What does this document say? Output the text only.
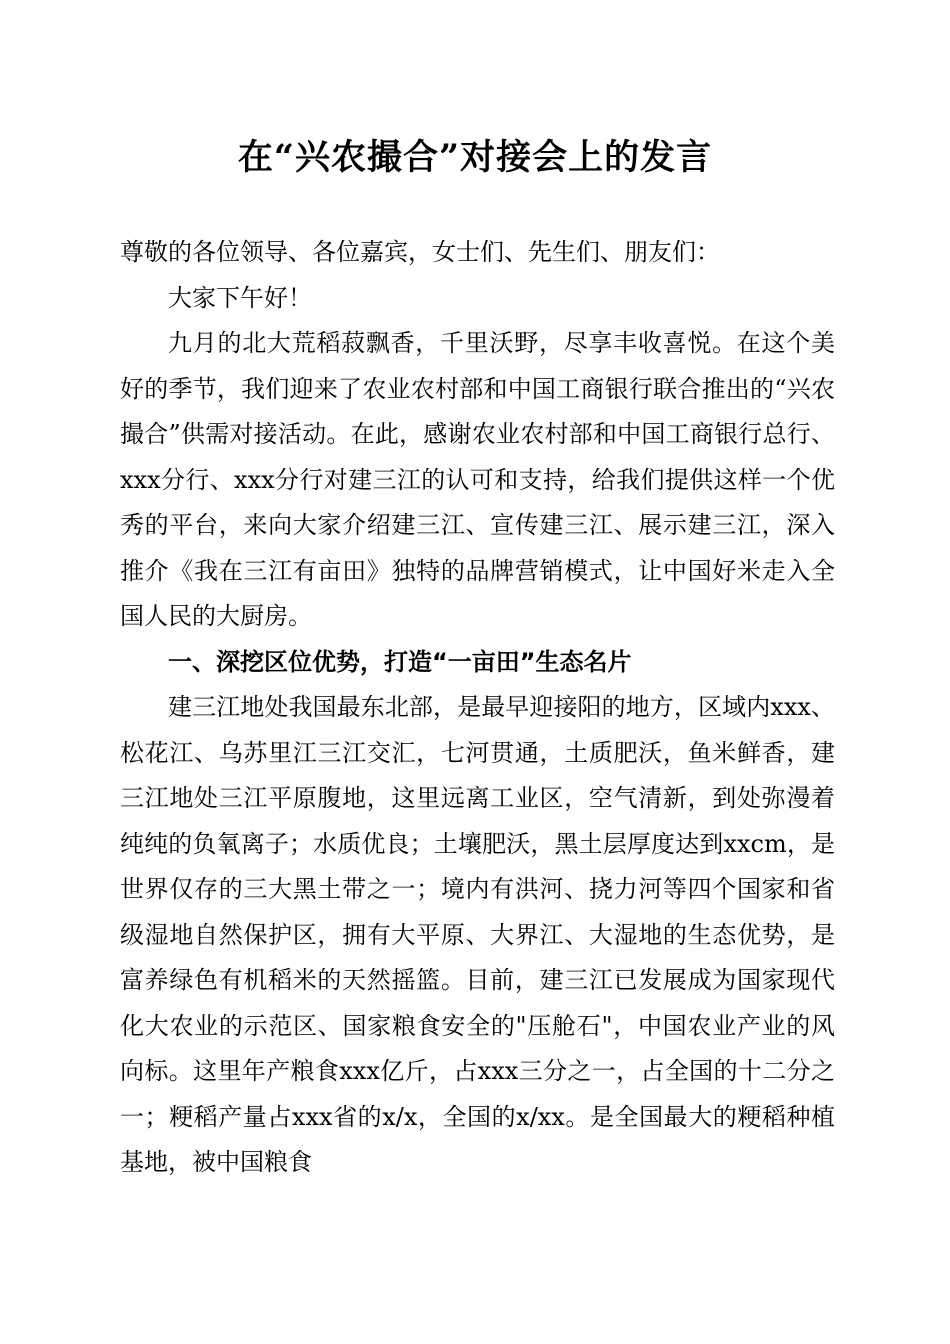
在“兴农撮合”对接会上的发言

尊敬的各位领导、各位嘉宾，女士们、先生们、朋友们：

大家下午好！

九月的北大荒稻菽飘香，千里沃野，尽享丰收喜悦。在这个美好的季节，我们迎来了农业农村部和中国工商银行联合推出的“兴农撮合”供需对接活动。在此，感谢农业农村部和中国工商银行总行、xxx分行、xxx分行对建三江的认可和支持，给我们提供这样一个优秀的平台，来向大家介绍建三江、宣传建三江、展示建三江，深入推介《我在三江有亩田》独特的品牌营销模式，让中国好米走入全国人民的大厨房。

一、深挖区位优势，打造“一亩田”生态名片

建三江地处我国最东北部，是最早迎接阳的地方，区域内xxx、松花江、乌苏里江三江交汇，七河贯通，土质肥沃，鱼米鲜香，建三江地处三江平原腹地，这里远离工业区，空气清新，到处弥漫着纯纯的负氧离子；水质优良；土壤肥沃，黑土层厚度达到xxcm，是世界仅存的三大黑土带之一；境内有洪河、挠力河等四个国家和省级湿地自然保护区，拥有大平原、大界江、大湿地的生态优势，是富养绿色有机稻米的天然摇篮。目前，建三江已发展成为国家现代化大农业的示范区、国家粮食安全的"压舱石"，中国农业产业的风向标。这里年产粮食xxx亿斤，占xxx三分之一，占全国的十二分之一；粳稻产量占xxx省的x/x，全国的x/xx。是全国最大的粳稻种植基地，被中国粮食
